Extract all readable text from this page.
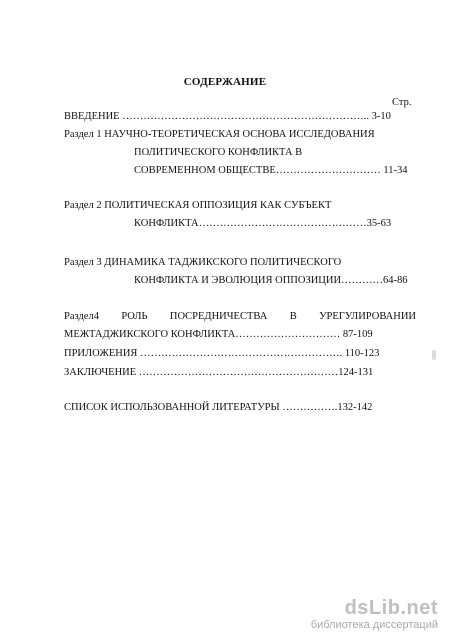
СОДЕРЖАНИЕ
Стр.
ВВЕДЕНИЕ …………………………………………………………….. 3-10
Раздел 1 НАУЧНО-ТЕОРЕТИЧЕСКАЯ ОСНОВА ИССЛЕДОВАНИЯ
ПОЛИТИЧЕСКОГО КОНФЛИКТА В
СОВРЕМЕННОМ ОБЩЕСТВЕ………………………… 11-34
Раздел 2 ПОЛИТИЧЕСКАЯ ОППОЗИЦИЯ КАК СУБЪЕКТ
КОНФЛИКТА…………………………………………35-63
Раздел 3 ДИНАМИКА ТАДЖИКСКОГО ПОЛИТИЧЕСКОГО
КОНФЛИКТА И ЭВОЛЮЦИЯ ОППОЗИЦИИ…………64-86
Раздел4 РОЛЬ ПОСРЕДНИЧЕСТВА В УРЕГУЛИРОВАНИИ
МЕЖТАДЖИКСКОГО КОНФЛИКТА………………………… 87-109
ПРИЛОЖЕНИЯ …………………………………………………. 110-123
ЗАКЛЮЧЕНИЕ …………………………………………………124-131
СПИСОК ИСПОЛЬЗОВАННОЙ ЛИТЕРАТУРЫ …………….132-142
dsLib.net
библиотека диссертаций
